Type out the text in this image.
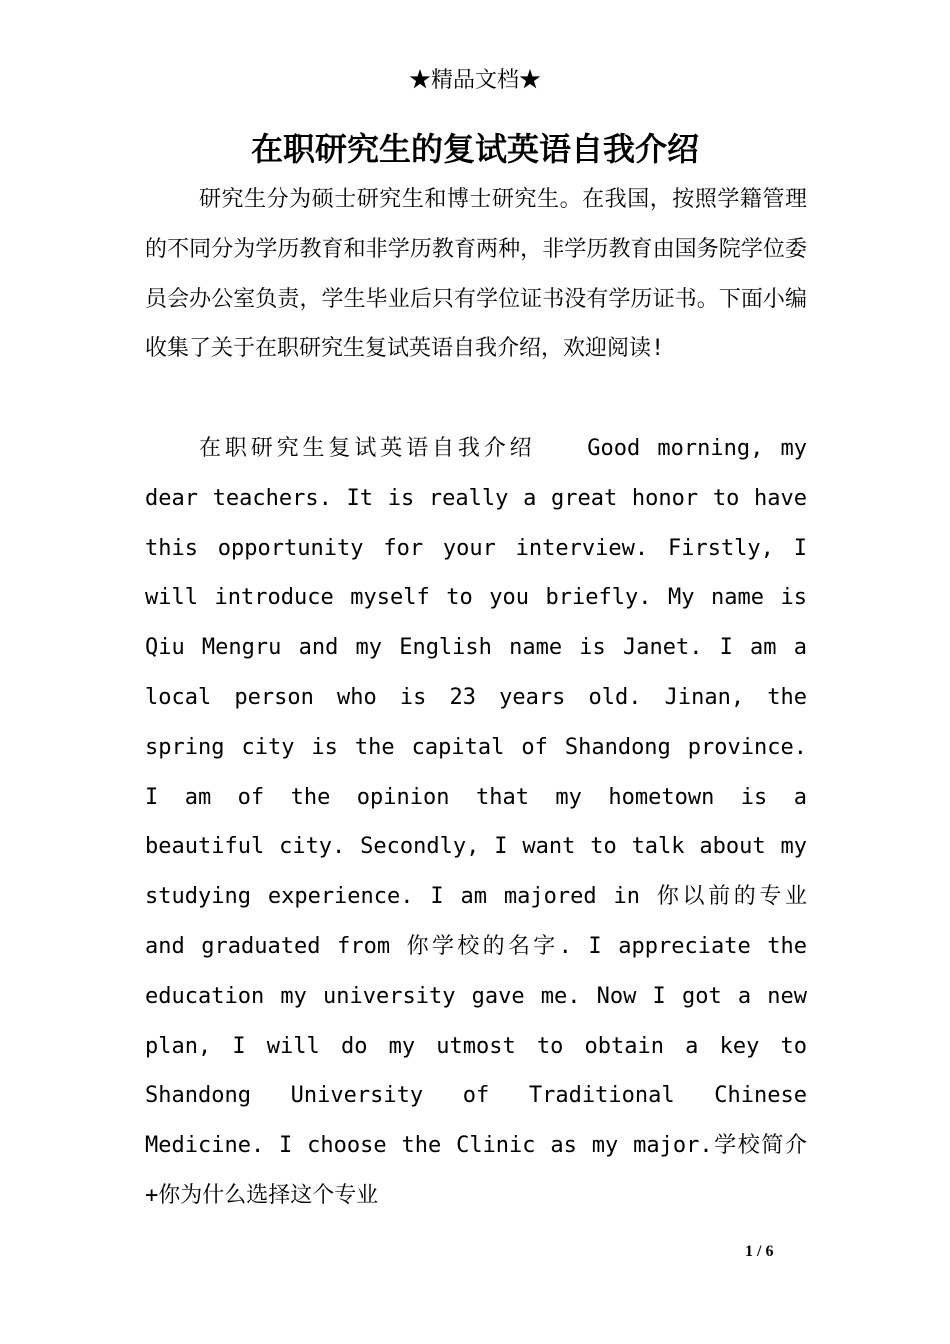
★精品文档★
在职研究生的复试英语自我介绍
研究生分为硕士研究生和博士研究生。在我国，按照学籍管理的不同分为学历教育和非学历教育两种，非学历教育由国务院学位委员会办公室负责，学生毕业后只有学位证书没有学历证书。下面小编收集了关于在职研究生复试英语自我介绍，欢迎阅读!
在职研究生复试英语自我介绍　　Good morning, my dear teachers. It is really a great honor to have this opportunity for your interview. Firstly, I will introduce myself to you briefly. My name is Qiu Mengru and my English name is Janet. I am a local person who is 23 years old. Jinan, the spring city is the capital of Shandong province. I am of the opinion that my hometown is a beautiful city. Secondly, I want to talk about my studying experience. I am majored in 你以前的专业 and graduated from 你学校的名字. I appreciate the education my university gave me. Now I got a new plan, I will do my utmost to obtain a key to Shandong University of Traditional Chinese Medicine. I choose the Clinic as my major.学校简介+你为什么选择这个专业
1 / 6
